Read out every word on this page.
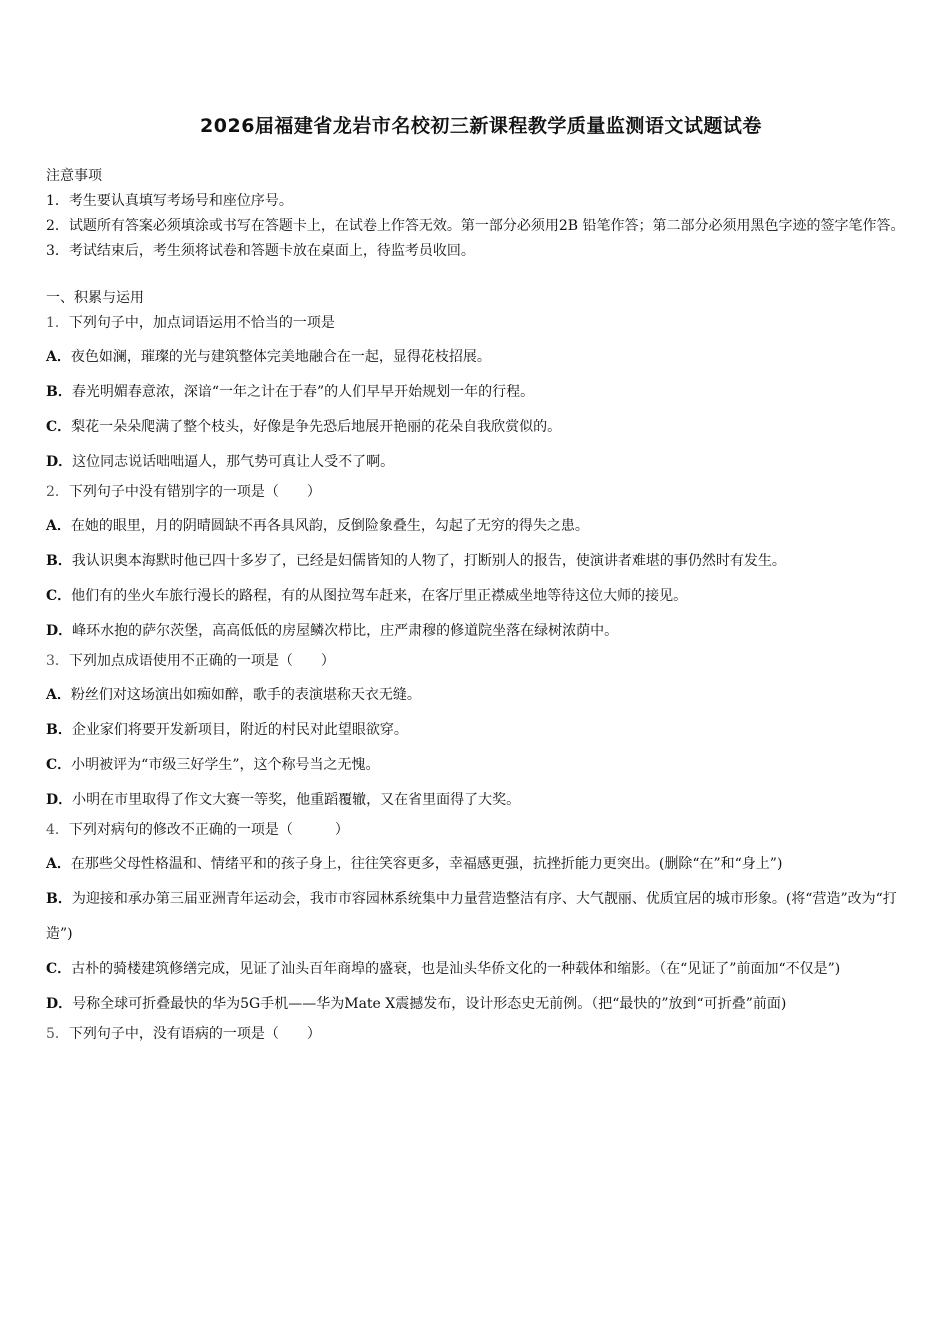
2026届福建省龙岩市名校初三新课程教学质量监测语文试题试卷

注意事项

1．考生要认真填写考场号和座位序号。

2．试题所有答案必须填涂或书写在答题卡上，在试卷上作答无效。第一部分必须用2B 铅笔作答；第二部分必须用黑色字迹的签字笔作答。

3．考试结束后，考生须将试卷和答题卡放在桌面上，待监考员收回。

一、积累与运用

1．下列句子中，加点词语运用不恰当的一项是

A．夜色如澜，璀璨的光与建筑整体完美地融合在一起，显得花枝招展。

B．春光明媚春意浓，深谙“一年之计在于春”的人们早早开始规划一年的行程。

C．梨花一朵朵爬满了整个枝头，好像是争先恐后地展开艳丽的花朵自我欣赏似的。

D．这位同志说话咄咄逼人，那气势可真让人受不了啊。

2．下列句子中没有错别字的一项是（　　）

A．在她的眼里，月的阴晴圆缺不再各具风韵，反倒险象叠生，勾起了无穷的得失之患。

B．我认识奥本海默时他已四十多岁了，已经是妇儒皆知的人物了，打断别人的报告，使演讲者难堪的事仍然时有发生。

C．他们有的坐火车旅行漫长的路程，有的从图拉驾车赶来，在客厅里正襟威坐地等待这位大师的接见。

D．峰环水抱的萨尔茨堡，高高低低的房屋鳞次栉比，庄严肃穆的修道院坐落在绿树浓荫中。

3．下列加点成语使用不正确的一项是（　　）

A．粉丝们对这场演出如痴如醉，歌手的表演堪称天衣无缝。

B．企业家们将要开发新项目，附近的村民对此望眼欲穿。

C．小明被评为“市级三好学生”，这个称号当之无愧。

D．小明在市里取得了作文大赛一等奖，他重蹈覆辙，又在省里面得了大奖。

4．下列对病句的修改不正确的一项是（　　　）

A．在那些父母性格温和、情绪平和的孩子身上，往往笑容更多，幸福感更强，抗挫折能力更突出。(删除“在”和“身上”)

B．为迎接和承办第三届亚洲青年运动会，我市市容园林系统集中力量营造整洁有序、大气靓丽、优质宜居的城市形象。(将“营造”改为“打造”)

C．古朴的骑楼建筑修缮完成，见证了汕头百年商埠的盛衰，也是汕头华侨文化的一种载体和缩影。（在“见证了”前面加“不仅是”)

D．号称全球可折叠最快的华为5G手机——华为Mate X震撼发布，设计形态史无前例。（把“最快的”放到“可折叠”前面)

5．下列句子中，没有语病的一项是（　　）
